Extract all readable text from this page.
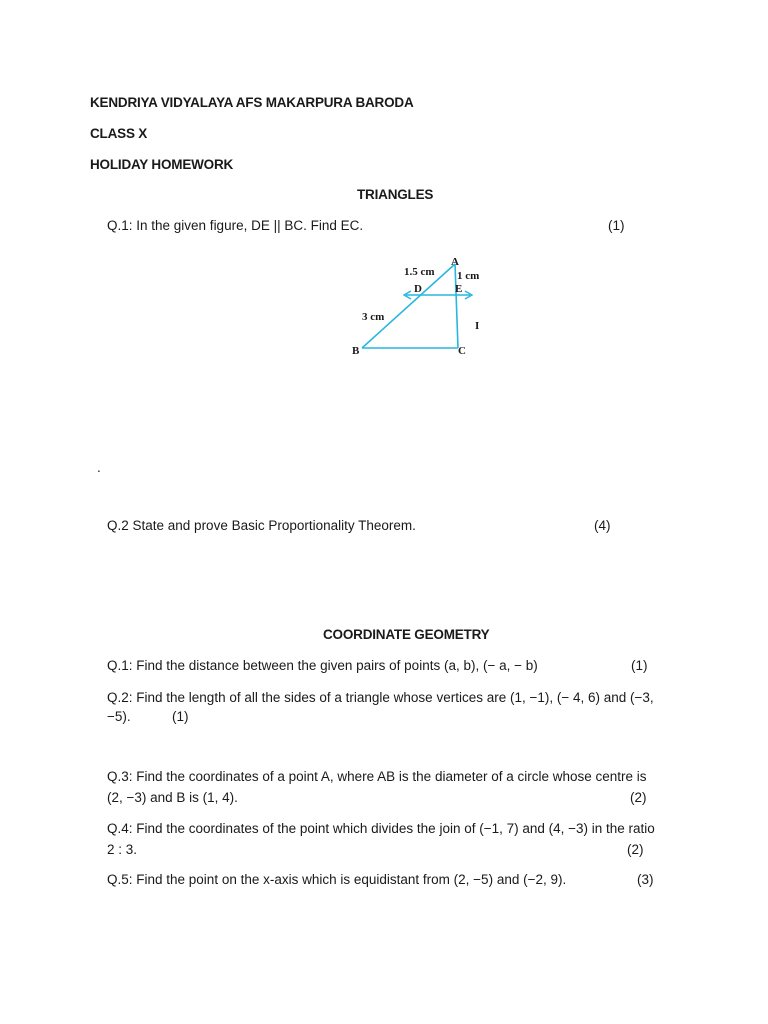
KENDRIYA VIDYALAYA AFS MAKARPURA BARODA
CLASS X
HOLIDAY HOMEWORK
TRIANGLES
Q.1: In the given figure, DE || BC. Find EC.	(1)
A
1.5 cm 1 cm
D	E
3 cm
I
B	C
.
Q.2 State and prove Basic Proportionality Theorem.	(4)
COORDINATE GEOMETRY
Q.1: Find the distance between the given pairs of points (a, b), (− a, − b)	(1)
Q.2: Find the length of all the sides of a triangle whose vertices are (1, −1), (− 4, 6) and (−3,
−5).	(1)
Q.3: Find the coordinates of a point A, where AB is the diameter of a circle whose centre is
(2, −3) and B is (1, 4).	(2)
Q.4: Find the coordinates of the point which divides the join of (−1, 7) and (4, −3) in the ratio
2 : 3.	(2)
Q.5: Find the point on the x-axis which is equidistant from (2, −5) and (−2, 9).	(3)
